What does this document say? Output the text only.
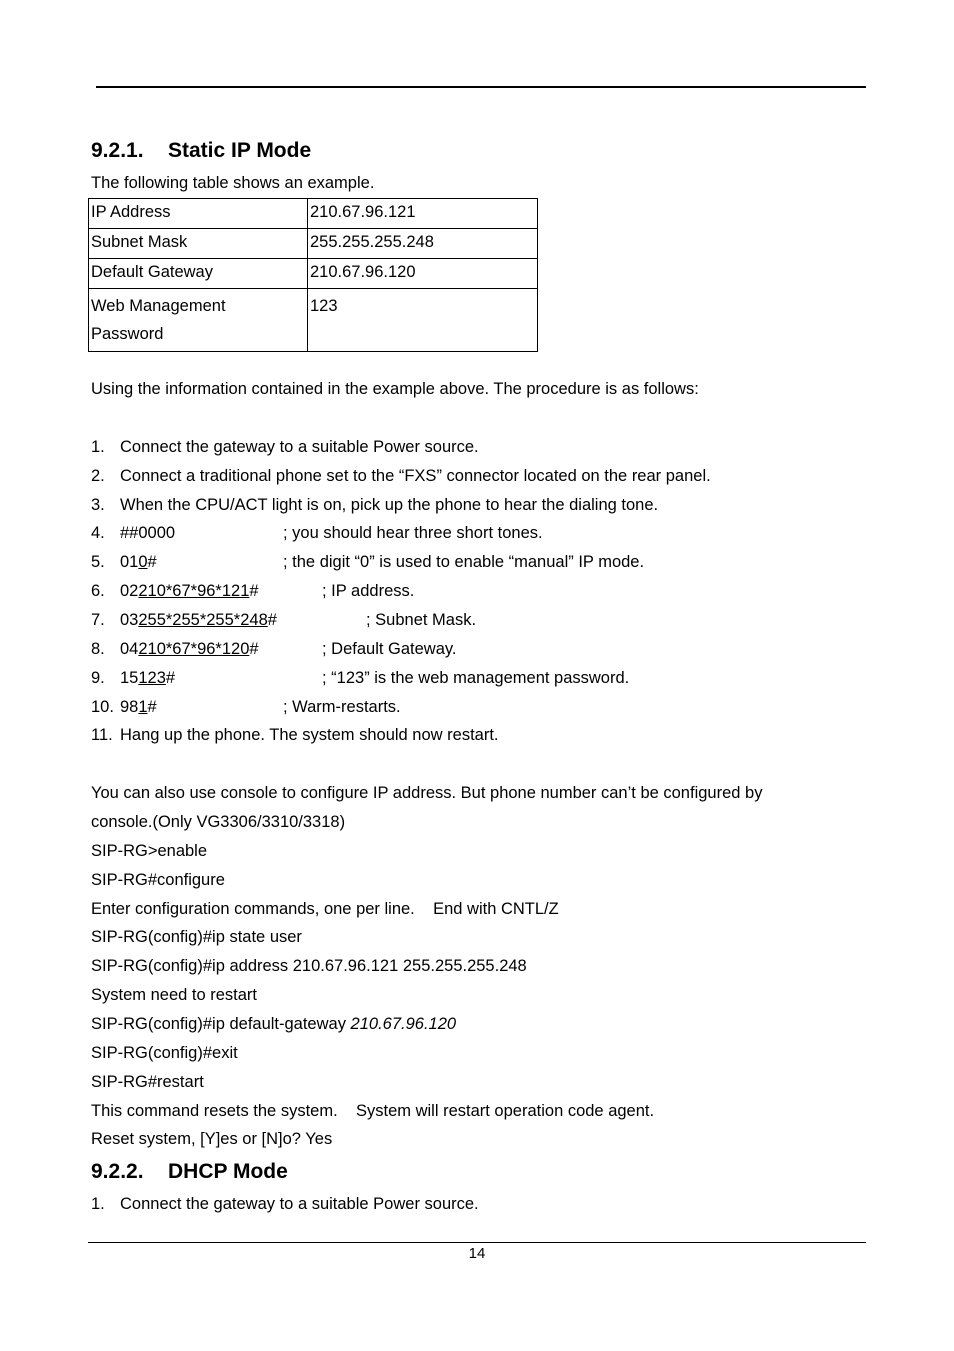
9.2.1. Static IP Mode
The following table shows an example.
IP Address	210.67.96.121
Subnet Mask	255.255.255.248
Default Gateway	210.67.96.120

Web Management
Password	123
Using the information contained in the example above. The procedure is as follows:
1. Connect the gateway to a suitable Power source.
2. Connect a traditional phone set to the “FXS” connector located on the rear panel.
3. When the CPU/ACT light is on, pick up the phone to hear the dialing tone.
4. ##0000	; you should hear three short tones.
5. 010#	; the digit “0” is used to enable “manual” IP mode.
6. 02210*67*96*121#	; IP address.
7. 03255*255*255*248#	; Subnet Mask.
8. 04210*67*96*120#	; Default Gateway.
9. 15123#	; “123” is the web management password.
10. 981#	; Warm-restarts.
11. Hang up the phone. The system should now restart.
You can also use console to configure IP address. But phone number can’t be configured by
console.(Only VG3306/3310/3318)
SIP-RG>enable
SIP-RG#configure
Enter configuration commands, one per line.    End with CNTL/Z
SIP-RG(config)#ip state user
SIP-RG(config)#ip address 210.67.96.121 255.255.255.248
System need to restart
SIP-RG(config)#ip default-gateway 210.67.96.120
SIP-RG(config)#exit
SIP-RG#restart
This command resets the system.    System will restart operation code agent.
Reset system, [Y]es or [N]o? Yes
9.2.2. DHCP Mode
1. Connect the gateway to a suitable Power source.
14
